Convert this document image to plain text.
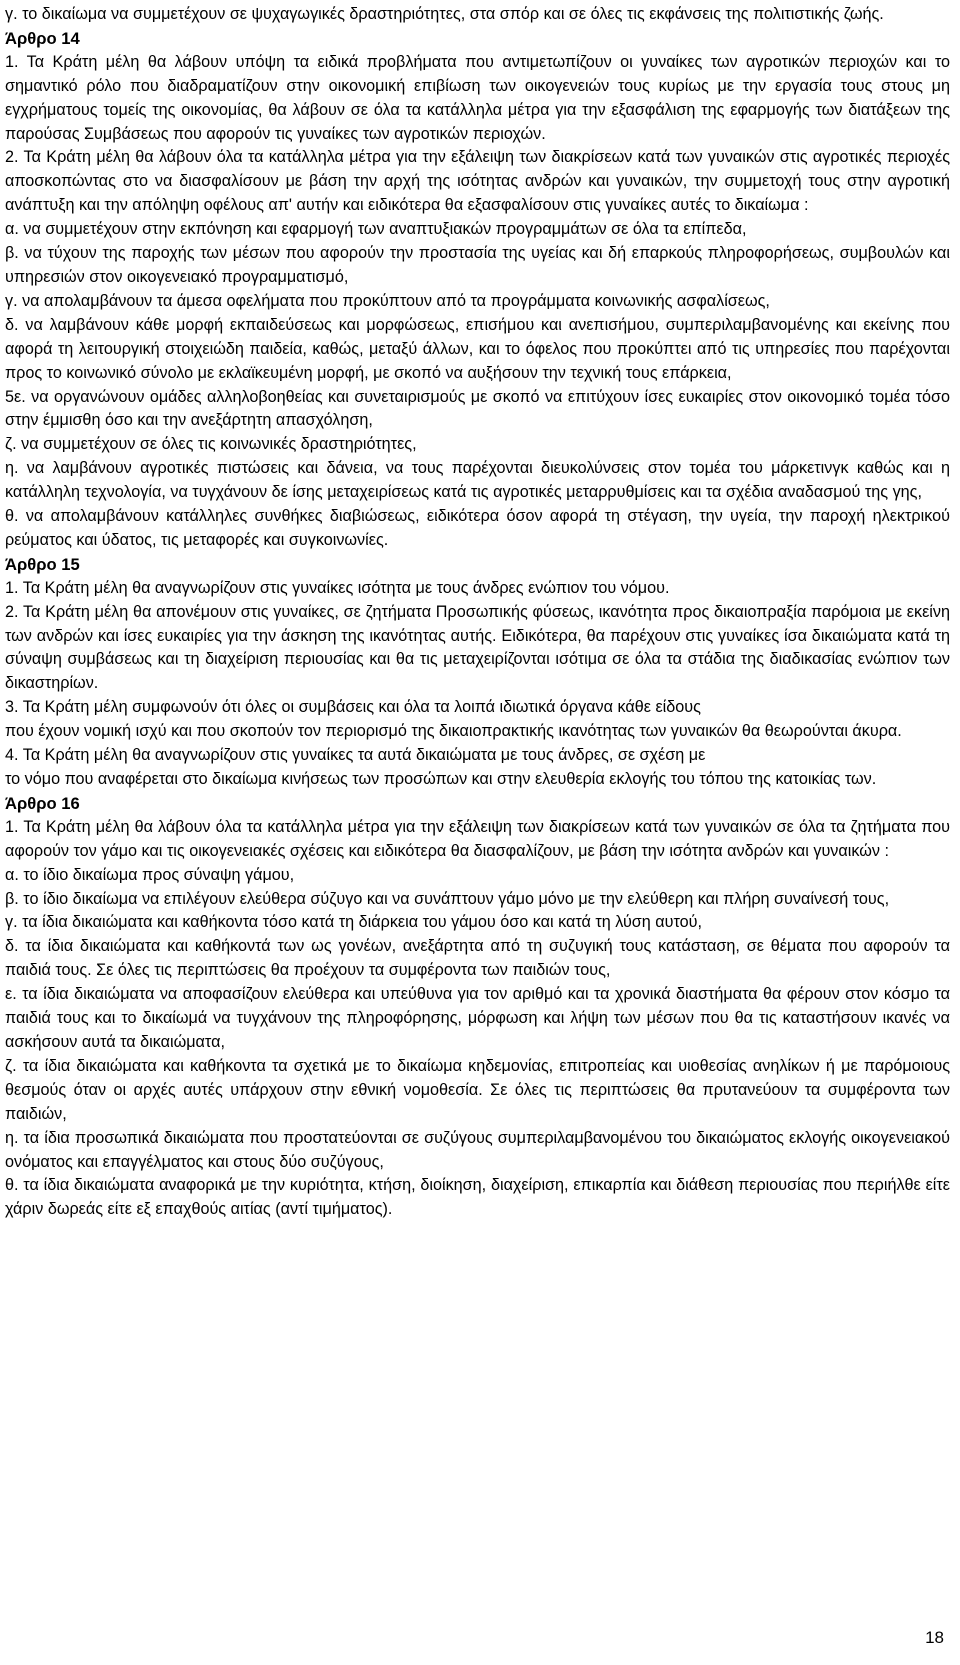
γ. το δικαίωμα να συμμετέχουν σε ψυχαγωγικές δραστηριότητες, στα σπόρ και σε όλες τις εκφάνσεις της πολιτιστικής ζωής.
Άρθρο 14
1. Τα Κράτη μέλη θα λάβουν υπόψη τα ειδικά προβλήματα που αντιμετωπίζουν οι γυναίκες των αγροτικών περιοχών και το σημαντικό ρόλο που διαδραματίζουν στην οικονομική επιβίωση των οικογενειών τους κυρίως με την εργασία τους στους μη εγχρήματους τομείς της οικονομίας, θα λάβουν σε όλα τα κατάλληλα μέτρα για την εξασφάλιση της εφαρμογής των διατάξεων της παρούσας Συμβάσεως που αφορούν τις γυναίκες των αγροτικών περιοχών.
2. Τα Κράτη μέλη θα λάβουν όλα τα κατάλληλα μέτρα για την εξάλειψη των διακρίσεων κατά των γυναικών στις αγροτικές περιοχές αποσκοπώντας στο να διασφαλίσουν με βάση την αρχή της ισότητας ανδρών και γυναικών, την συμμετοχή τους στην αγροτική ανάπτυξη και την απόληψη οφέλους απ' αυτήν και ειδικότερα θα εξασφαλίσουν στις γυναίκες αυτές το δικαίωμα :
α. να συμμετέχουν στην εκπόνηση και εφαρμογή των αναπτυξιακών προγραμμάτων σε όλα τα επίπεδα,
β. να τύχουν της παροχής των μέσων που αφορούν την προστασία της υγείας και δή επαρκούς πληροφορήσεως, συμβουλών και υπηρεσιών στον οικογενειακό προγραμματισμό,
γ. να απολαμβάνουν τα άμεσα οφελήματα που προκύπτουν από τα προγράμματα κοινωνικής ασφαλίσεως,
δ. να λαμβάνουν κάθε μορφή εκπαιδεύσεως και μορφώσεως, επισήμου και ανεπισήμου, συμπεριλαμβανομένης και εκείνης που αφορά τη λειτουργική στοιχειώδη παιδεία, καθώς, μεταξύ άλλων, και το όφελος που προκύπτει από τις υπηρεσίες που παρέχονται προς το κοινωνικό σύνολο με εκλαϊκευμένη μορφή, με σκοπό να αυξήσουν την τεχνική τους επάρκεια,
5ε. να οργανώνουν ομάδες αλληλοβοηθείας και συνεταιρισμούς με σκοπό να επιτύχουν ίσες ευκαιρίες στον οικονομικό τομέα τόσο στην έμμισθη όσο και την ανεξάρτητη απασχόληση,
ζ. να συμμετέχουν σε όλες τις κοινωνικές δραστηριότητες,
η. να λαμβάνουν αγροτικές πιστώσεις και δάνεια, να τους παρέχονται διευκολύνσεις στον τομέα του μάρκετινγκ καθώς και η κατάλληλη τεχνολογία, να τυγχάνουν δε ίσης μεταχειρίσεως κατά τις αγροτικές μεταρρυθμίσεις και τα σχέδια αναδασμού της γης,
θ. να απολαμβάνουν κατάλληλες συνθήκες διαβιώσεως, ειδικότερα όσον αφορά τη στέγαση, την υγεία, την παροχή ηλεκτρικού ρεύματος και ύδατος, τις μεταφορές και συγκοινωνίες.
Άρθρο 15
1. Τα Κράτη μέλη θα αναγνωρίζουν στις γυναίκες ισότητα με τους άνδρες ενώπιον του νόμου.
2. Τα Κράτη μέλη θα απονέμουν στις γυναίκες, σε ζητήματα Προσωπικής φύσεως, ικανότητα προς δικαιοπραξία παρόμοια με εκείνη των ανδρών και ίσες ευκαιρίες για την άσκηση της ικανότητας αυτής. Ειδικότερα, θα παρέχουν στις γυναίκες ίσα δικαιώματα κατά τη σύναψη συμβάσεως και τη διαχείριση περιουσίας και θα τις μεταχειρίζονται ισότιμα σε όλα τα στάδια της διαδικασίας ενώπιον των δικαστηρίων.
3. Τα Κράτη μέλη συμφωνούν ότι όλες οι συμβάσεις και όλα τα λοιπά ιδιωτικά όργανα κάθε είδους
που έχουν νομική ισχύ και που σκοπούν τον περιορισμό της δικαιοπρακτικής ικανότητας των γυναικών θα θεωρούνται άκυρα.
4. Τα Κράτη μέλη θα αναγνωρίζουν στις γυναίκες τα αυτά δικαιώματα με τους άνδρες, σε σχέση με
το νόμο που αναφέρεται στο δικαίωμα κινήσεως των προσώπων και στην ελευθερία εκλογής του τόπου της κατοικίας των.
Άρθρο 16
1. Τα Κράτη μέλη θα λάβουν όλα τα κατάλληλα μέτρα για την εξάλειψη των διακρίσεων κατά των γυναικών σε όλα τα ζητήματα που αφορούν τον γάμο και τις οικογενειακές σχέσεις και ειδικότερα θα διασφαλίζουν, με βάση την ισότητα ανδρών και γυναικών :
α. το ίδιο δικαίωμα προς σύναψη γάμου,
β. το ίδιο δικαίωμα να επιλέγουν ελεύθερα σύζυγο και να συνάπτουν γάμο μόνο με την ελεύθερη και πλήρη συναίνεσή τους,
γ. τα ίδια δικαιώματα και καθήκοντα τόσο κατά τη διάρκεια του γάμου όσο και κατά τη λύση αυτού,
δ. τα ίδια δικαιώματα και καθήκοντά των ως γονέων, ανεξάρτητα από τη συζυγική τους κατάσταση, σε θέματα που αφορούν τα παιδιά τους. Σε όλες τις περιπτώσεις θα προέχουν τα συμφέροντα των παιδιών τους,
ε. τα ίδια δικαιώματα να αποφασίζουν ελεύθερα και υπεύθυνα για τον αριθμό και τα χρονικά διαστήματα θα φέρουν στον κόσμο τα παιδιά τους και το δικαίωμά να τυγχάνουν της πληροφόρησης, μόρφωση και λήψη των μέσων που θα τις καταστήσουν ικανές να ασκήσουν αυτά τα δικαιώματα,
ζ. τα ίδια δικαιώματα και καθήκοντα τα σχετικά με το δικαίωμα κηδεμονίας, επιτροπείας και υιοθεσίας ανηλίκων ή με παρόμοιους θεσμούς όταν οι αρχές αυτές υπάρχουν στην εθνική νομοθεσία. Σε όλες τις περιπτώσεις θα πρυτανεύουν τα συμφέροντα των παιδιών,
η. τα ίδια προσωπικά δικαιώματα που προστατεύονται σε συζύγους συμπεριλαμβανομένου του δικαιώματος εκλογής οικογενειακού ονόματος και επαγγέλματος και στους δύο συζύγους,
θ. τα ίδια δικαιώματα αναφορικά με την κυριότητα, κτήση, διοίκηση, διαχείριση, επικαρπία και διάθεση περιουσίας που περιήλθε είτε χάριν δωρεάς είτε εξ επαχθούς αιτίας (αντί τιμήματος).
18
